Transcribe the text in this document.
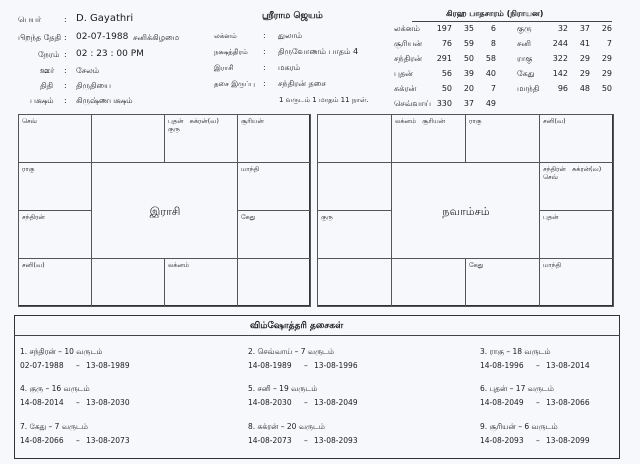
பெயர்	: D. Gayathri
பிறந்த தேதி : 02-07-1988 சனிக்கிழமை
நேரம் : 02 : 23 : 00 PM
ஊர் : சேலம்
திதி : திருதியை
பக்ஷம் : கிருஷ்ணபக்ஷம்
ஸ்ரீராம ஜெயம்
லக்னம்	: துலாம்
நக்ஷத்திரம் : திருவோணம் பாதம் 4
இராசி	: மகரம்
தசை இருப்பு : சந்திரன் தசை
1 வருடம் 1 மாதம் 11 நாள்.
கிரஹ பாதசாரம் (நிராயன)
லக்னம்	197	35	6
சூரியன்	76	59	8
சந்திரன்	291	50	58
புதன்	56	39	40
சுக்ரன்	50	20	7
செவ்வாய் 330	37	49
குரு	32	37	26
சனி	244	41	7
ராகு	322	29	29
கேது	142	29	29
மாந்தி	96	48	50
செவ்	புதன்   சுக்ரன்(வ)
குரு
சூரியன்
ராகு	மாந்தி
சந்திரன்	கேது
சனி(வ)	லக்னம்
இராசி
லக்னம்   சூரியன்	ராகு	சனி(வ)
சந்திரன்   சுக்ரன்(வ)
செவ்
குரு	புதன்
கேது	மாந்தி
நவாம்சம்
விம்ஷோத்தரி தசைகள்
1. சந்திரன் – 10 வருடம்
02-07-1988 – 13-08-1989
2. செவ்வாய் – 7 வருடம்
14-08-1989 – 13-08-1996
3. ராகு – 18 வருடம்
14-08-1996 – 13-08-2014
4. குரு – 16 வருடம்
14-08-2014 – 13-08-2030
5. சனி – 19 வருடம்
14-08-2030 – 13-08-2049
6. புதன் – 17 வருடம்
14-08-2049 – 13-08-2066
7. கேது – 7 வருடம்
14-08-2066 – 13-08-2073
8. சுக்ரன் – 20 வருடம்
14-08-2073 – 13-08-2093
9. சூரியன் – 6 வருடம்
14-08-2093 – 13-08-2099
